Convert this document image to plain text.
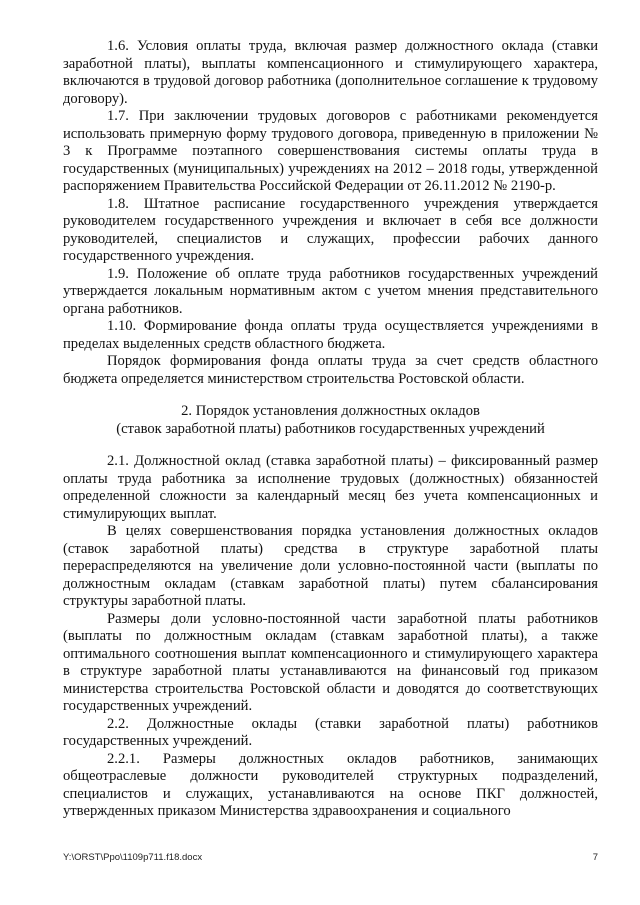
1.6. Условия оплаты труда, включая размер должностного оклада (ставки заработной платы), выплаты компенсационного и стимулирующего характера, включаются в трудовой договор работника (дополнительное соглашение к трудовому договору).

1.7. При заключении трудовых договоров с работниками рекомендуется использовать примерную форму трудового договора, приведенную в приложении № 3 к Программе поэтапного совершенствования системы оплаты труда в государственных (муниципальных) учреждениях на 2012 – 2018 годы, утвержденной распоряжением Правительства Российской Федерации от 26.11.2012 № 2190-р.

1.8. Штатное расписание государственного учреждения утверждается руководителем государственного учреждения и включает в себя все должности руководителей, специалистов и служащих, профессии рабочих данного государственного учреждения.

1.9. Положение об оплате труда работников государственных учреждений утверждается локальным нормативным актом с учетом мнения представительного органа работников.

1.10. Формирование фонда оплаты труда осуществляется учреждениями в пределах выделенных средств областного бюджета.

Порядок формирования фонда оплаты труда за счет средств областного бюджета определяется министерством строительства Ростовской области.

2. Порядок установления должностных окладов

(ставок заработной платы) работников государственных учреждений

2.1. Должностной оклад (ставка заработной платы) – фиксированный размер оплаты труда работника за исполнение трудовых (должностных) обязанностей определенной сложности за календарный месяц без учета компенсационных и стимулирующих выплат.

В целях совершенствования порядка установления должностных окладов (ставок заработной платы) средства в структуре заработной платы перераспределяются на увеличение доли условно-постоянной части (выплаты по должностным окладам (ставкам заработной платы) путем сбалансирования структуры заработной платы.

Размеры доли условно-постоянной части заработной платы работников (выплаты по должностным окладам (ставкам заработной платы), а также оптимального соотношения выплат компенсационного и стимулирующего характера в структуре заработной платы устанавливаются на финансовый год приказом министерства строительства Ростовской области и доводятся до соответствующих государственных учреждений.

2.2. Должностные оклады (ставки заработной платы) работников государственных учреждений.

2.2.1. Размеры должностных окладов работников, занимающих общеотраслевые должности руководителей структурных подразделений, специалистов и служащих, устанавливаются на основе ПКГ должностей, утвержденных приказом Министерства здравоохранения и социального

Y:\ORST\Ppo\1109p711.f18.docx	7
